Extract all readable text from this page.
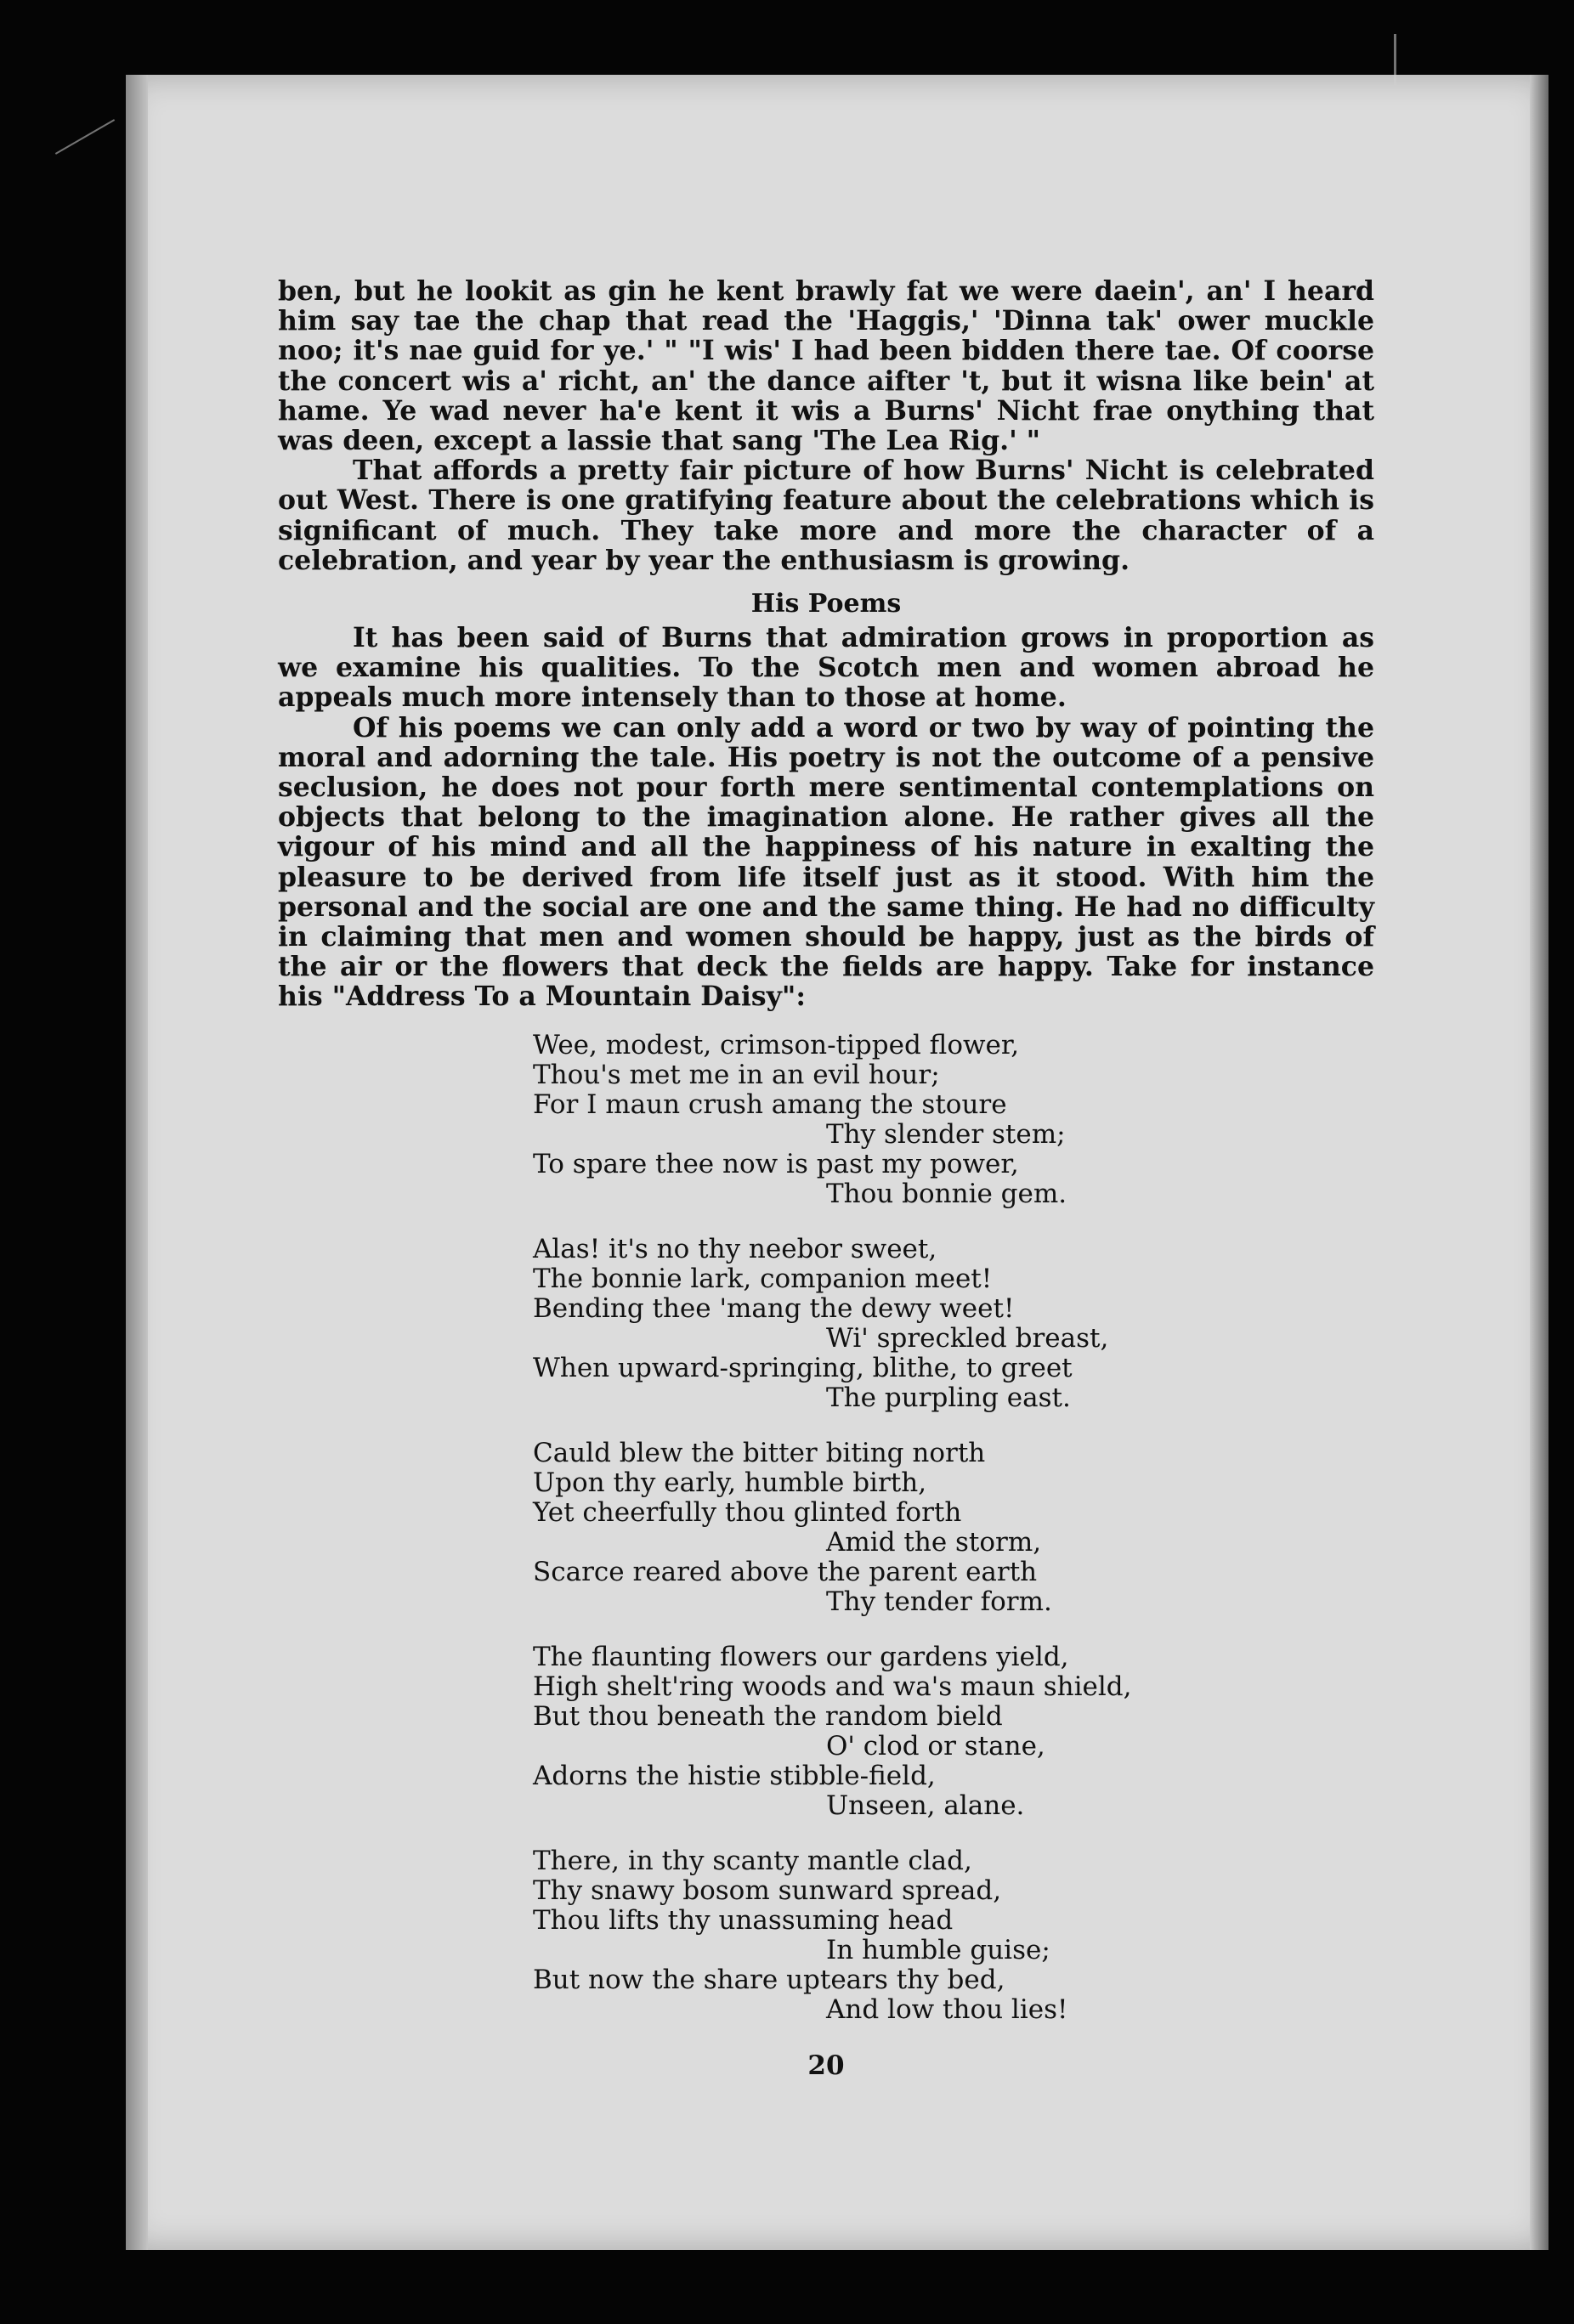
ben, but he lookit as gin he kent brawly fat we were daein', an' I heard him say tae the chap that read the 'Haggis,' 'Dinna tak' ower muckle noo; it's nae guid for ye.' " "I wis' I had been bidden there tae. Of coorse the concert wis a' richt, an' the dance aifter 't, but it wisna like bein' at hame. Ye wad never ha'e kent it wis a Burns' Nicht frae onything that was deen, except a lassie that sang 'The Lea Rig.' "

That affords a pretty fair picture of how Burns' Nicht is celebrated out West. There is one gratifying feature about the celebrations which is significant of much. They take more and more the character of a celebration, and year by year the enthusiasm is growing.

His Poems

It has been said of Burns that admiration grows in proportion as we examine his qualities. To the Scotch men and women abroad he appeals much more intensely than to those at home.

Of his poems we can only add a word or two by way of pointing the moral and adorning the tale. His poetry is not the outcome of a pensive seclusion, he does not pour forth mere sentimental contemplations on objects that belong to the imagination alone. He rather gives all the vigour of his mind and all the happiness of his nature in exalting the pleasure to be derived from life itself just as it stood. With him the personal and the social are one and the same thing. He had no difficulty in claiming that men and women should be happy, just as the birds of the air or the flowers that deck the fields are happy. Take for instance his "Address To a Mountain Daisy":

Wee, modest, crimson-tipped flower,
Thou's met me in an evil hour;
For I maun crush amang the stoure
Thy slender stem;
To spare thee now is past my power,
Thou bonnie gem.
Alas! it's no thy neebor sweet,
The bonnie lark, companion meet!
Bending thee 'mang the dewy weet!
Wi' spreckled breast,
When upward-springing, blithe, to greet
The purpling east.
Cauld blew the bitter biting north
Upon thy early, humble birth,
Yet cheerfully thou glinted forth
Amid the storm,
Scarce reared above the parent earth
Thy tender form.
The flaunting flowers our gardens yield,
High shelt'ring woods and wa's maun shield,
But thou beneath the random bield
O' clod or stane,
Adorns the histie stibble-field,
Unseen, alane.
There, in thy scanty mantle clad,
Thy snawy bosom sunward spread,
Thou lifts thy unassuming head
In humble guise;
But now the share uptears thy bed,
And low thou lies!
20
